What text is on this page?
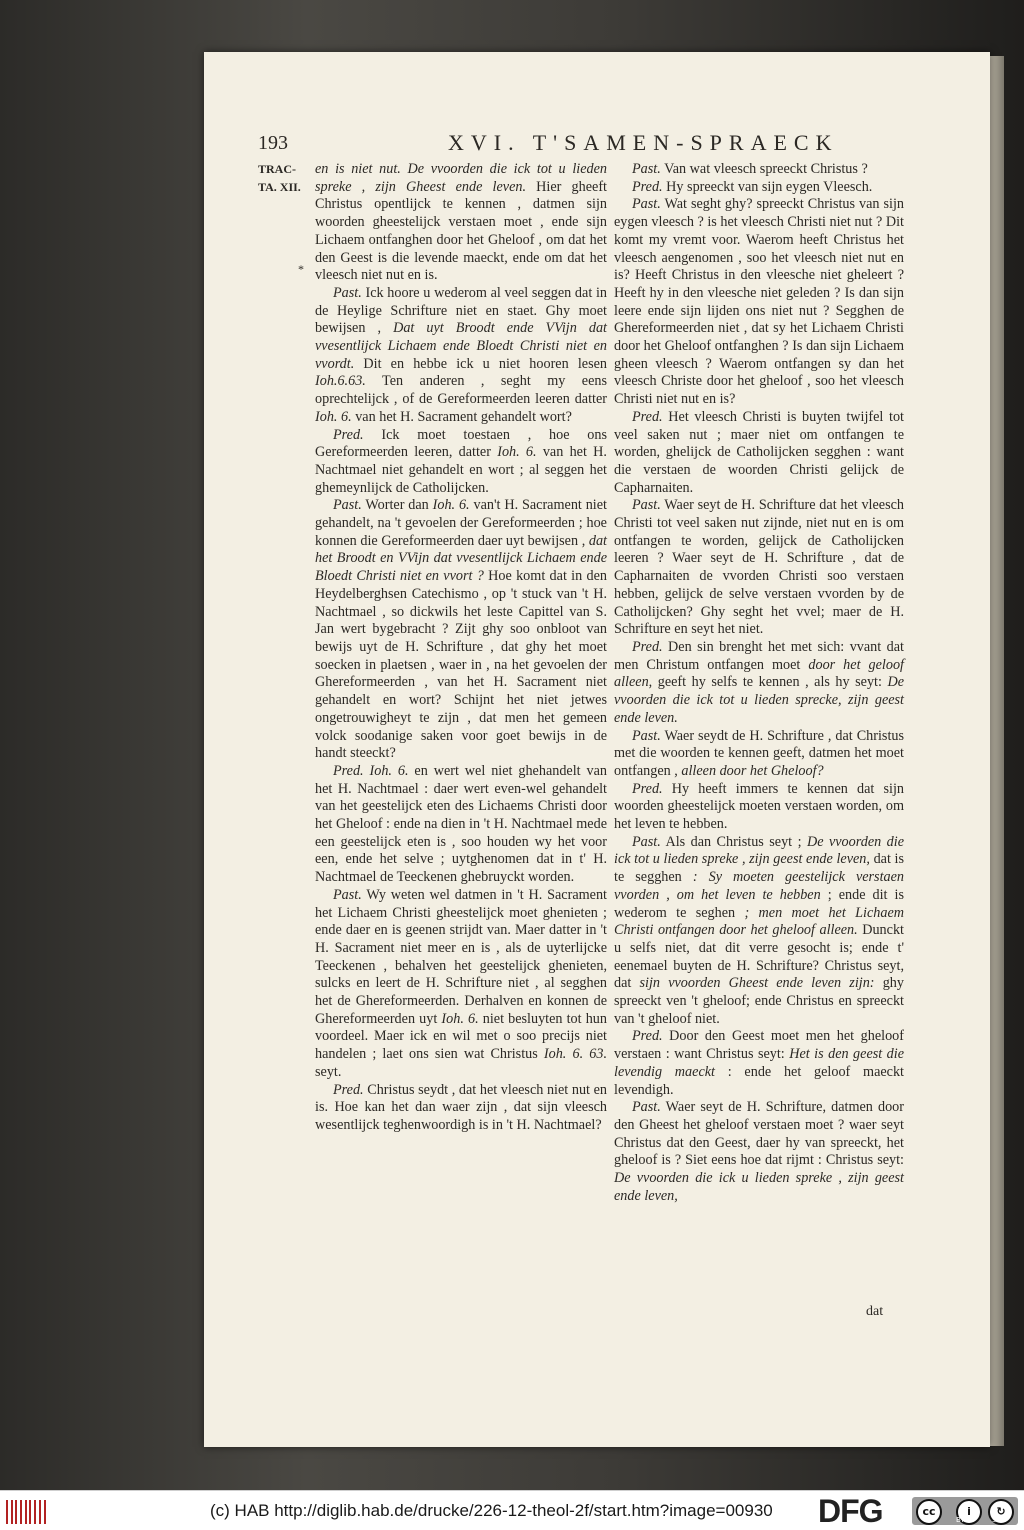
193	XVI. T'SAMEN-SPRAECK
TRAC-
TA. XII.
*

en is niet nut. De vvoorden die ick tot u lieden spreke , zijn Gheest ende leven. Hier gheeft Christus opentlijck te kennen , datmen sijn woorden gheestelijck verstaen moet , ende sijn Lichaem ontfanghen door het Gheloof , om dat het den Geest is die levende maeckt, ende om dat het vleesch niet nut en is.

Past. Ick hoore u wederom al veel seggen dat in de Heylige Schrifture niet en staet. Ghy moet bewijsen , Dat uyt Broodt ende VVijn dat vvesentlijck Lichaem ende Bloedt Christi niet en vvordt. Dit en hebbe ick u niet hooren lesen Ioh.6.63. Ten anderen , seght my eens oprechtelijck , of de Gereformeerden leeren datter Ioh. 6. van het H. Sacrament gehandelt wort?

Pred. Ick moet toestaen , hoe ons Gereformeerden leeren, datter Ioh. 6. van het H. Nachtmael niet gehandelt en wort ; al seggen het ghemeynlijck de Catholijcken.

Past. Worter dan Ioh. 6. van't H. Sacrament niet gehandelt, na 't gevoelen der Gereformeerden ; hoe konnen die Gereformeerden daer uyt bewijsen , dat het Broodt en VVijn dat vvesentlijck Lichaem ende Bloedt Christi niet en vvort ? Hoe komt dat in den Heydelberghsen Catechismo , op 't stuck van 't H. Nachtmael , so dickwils het leste Capittel van S. Jan wert bygebracht ? Zijt ghy soo onbloot van bewijs uyt de H. Schrifture , dat ghy het moet soecken in plaetsen , waer in , na het gevoelen der Ghereformeerden , van het H. Sacrament niet gehandelt en wort? Schijnt het niet jetwes ongetrouwigheyt te zijn , dat men het gemeen volck soodanige saken voor goet bewijs in de handt steeckt?

Pred. Ioh. 6. en wert wel niet ghehandelt van het H. Nachtmael : daer wert even-wel gehandelt van het geestelijck eten des Lichaems Christi door het Gheloof : ende na dien in 't H. Nachtmael mede een geestelijck eten is , soo houden wy het voor een, ende het selve ; uytghenomen dat in t' H. Nachtmael de Teeckenen ghebruyckt worden.

Past. Wy weten wel datmen in 't H. Sacrament het Lichaem Christi gheestelijck moet ghenieten ; ende daer en is geenen strijdt van. Maer datter in 't H. Sacrament niet meer en is , als de uyterlijcke Teeckenen , behalven het geestelijck ghenieten, sulcks en leert de H. Schrifture niet , al segghen het de Ghereformeerden. Derhalven en konnen de Ghereformeerden uyt Ioh. 6. niet besluyten tot hun voordeel. Maer ick en wil met o soo precijs niet handelen ; laet ons sien wat Christus Ioh. 6. 63. seyt.

Pred. Christus seydt , dat het vleesch niet nut en is. Hoe kan het dan waer zijn , dat sijn vleesch wesentlijck teghenwoordigh is in 't H. Nachtmael?

Past. Van wat vleesch spreeckt Christus ?

Pred. Hy spreeckt van sijn eygen Vleesch.

Past. Wat seght ghy? spreeckt Christus van sijn eygen vleesch ? is het vleesch Christi niet nut ? Dit komt my vremt voor. Waerom heeft Christus het vleesch aengenomen , soo het vleesch niet nut en is? Heeft Christus in den vleesche niet gheleert ? Heeft hy in den vleesche niet geleden ? Is dan sijn leere ende sijn lijden ons niet nut ? Segghen de Ghereformeerden niet , dat sy het Lichaem Christi door het Gheloof ontfanghen ? Is dan sijn Lichaem gheen vleesch ? Waerom ontfangen sy dan het vleesch Christe door het gheloof , soo het vleesch Christi niet nut en is?

Pred. Het vleesch Christi is buyten twijfel tot veel saken nut ; maer niet om ontfangen te worden, ghelijck de Catholijcken segghen : want die verstaen de woorden Christi gelijck de Capharnaiten.

Past. Waer seyt de H. Schrifture dat het vleesch Christi tot veel saken nut zijnde, niet nut en is om ontfangen te worden, gelijck de Catholijcken leeren ? Waer seyt de H. Schrifture , dat de Capharnaiten de vvorden Christi soo verstaen hebben, gelijck de selve verstaen vvorden by de Catholijcken? Ghy seght het vvel; maer de H. Schrifture en seyt het niet.

Pred. Den sin brenght het met sich: vvant dat men Christum ontfangen moet door het geloof alleen, geeft hy selfs te kennen , als hy seyt: De vvoorden die ick tot u lieden sprecke, zijn geest ende leven.

Past. Waer seydt de H. Schrifture , dat Christus met die woorden te kennen geeft, datmen het moet ontfangen , alleen door het Gheloof?

Pred. Hy heeft immers te kennen dat sijn woorden gheestelijck moeten verstaen worden, om het leven te hebben.

Past. Als dan Christus seyt ; De vvoorden die ick tot u lieden spreke , zijn geest ende leven, dat is te segghen : Sy moeten geestelijck verstaen vvorden , om het leven te hebben ; ende dit is wederom te seghen ; men moet het Lichaem Christi ontfangen door het gheloof alleen. Dunckt u selfs niet, dat dit verre gesocht is; ende t' eenemael buyten de H. Schrifture? Christus seyt, dat sijn vvoorden Gheest ende leven zijn: ghy spreeckt ven 't gheloof; ende Christus en spreeckt van 't gheloof niet.

Pred. Door den Geest moet men het gheloof verstaen : want Christus seyt: Het is den geest die levendig maeckt : ende het geloof maeckt levendigh.

Past. Waer seyt de H. Schrifture, datmen door den Gheest het gheloof verstaen moet ? waer seyt Christus dat den Geest, daer hy van spreeckt, het gheloof is ? Siet eens hoe dat rijmt : Christus seyt: De vvoorden die ick u lieden spreke , zijn geest ende leven,

dat
(c) HAB http://diglib.hab.de/drucke/226-12-theol-2f/start.htm?image=00930 DFG	cc	i
BY
↻
SA
